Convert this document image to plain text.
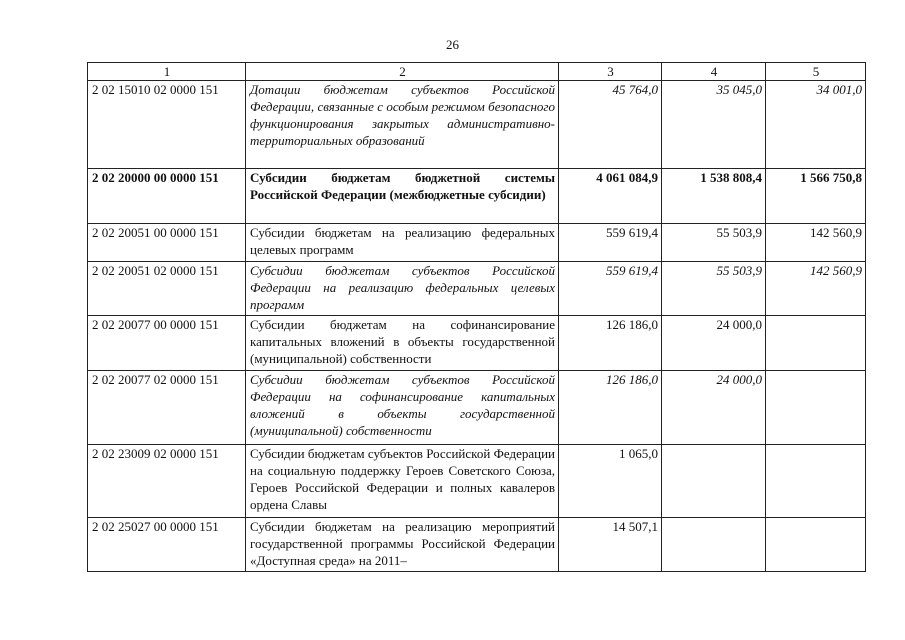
26
1	2	3	4	5
2 02 15010 02 0000 151	Дотации бюджетам субъектов Российской Федерации, связанные с особым режимом безопасного функционирования закрытых административно-территориальных образований	45 764,0	35 045,0	34 001,0
2 02 20000 00 0000 151	Субсидии бюджетам бюджетной системы Российской Федерации (межбюджетные субсидии)	4 061 084,9	1 538 808,4	1 566 750,8
2 02 20051 00 0000 151	Субсидии бюджетам на реализацию федеральных целевых программ	559 619,4	55 503,9	142 560,9
2 02 20051 02 0000 151	Субсидии бюджетам субъектов Российской Федерации на реализацию федеральных целевых программ	559 619,4	55 503,9	142 560,9
2 02 20077 00 0000 151	Субсидии бюджетам на софинансирование капитальных вложений в объекты государственной (муниципальной) собственности	126 186,0	24 000,0	
2 02 20077 02 0000 151	Субсидии бюджетам субъектов Российской Федерации на софинансирование капитальных вложений в объекты государственной (муниципальной) собственности	126 186,0	24 000,0	
2 02 23009 02 0000 151	Субсидии бюджетам субъектов Российской Федерации на социальную поддержку Героев Советского Союза, Героев Российской Федерации и полных кавалеров ордена Славы	1 065,0		
2 02 25027 00 0000 151	Субсидии бюджетам на реализацию мероприятий государственной программы Российской Федерации «Доступная среда» на 2011–	14 507,1		
